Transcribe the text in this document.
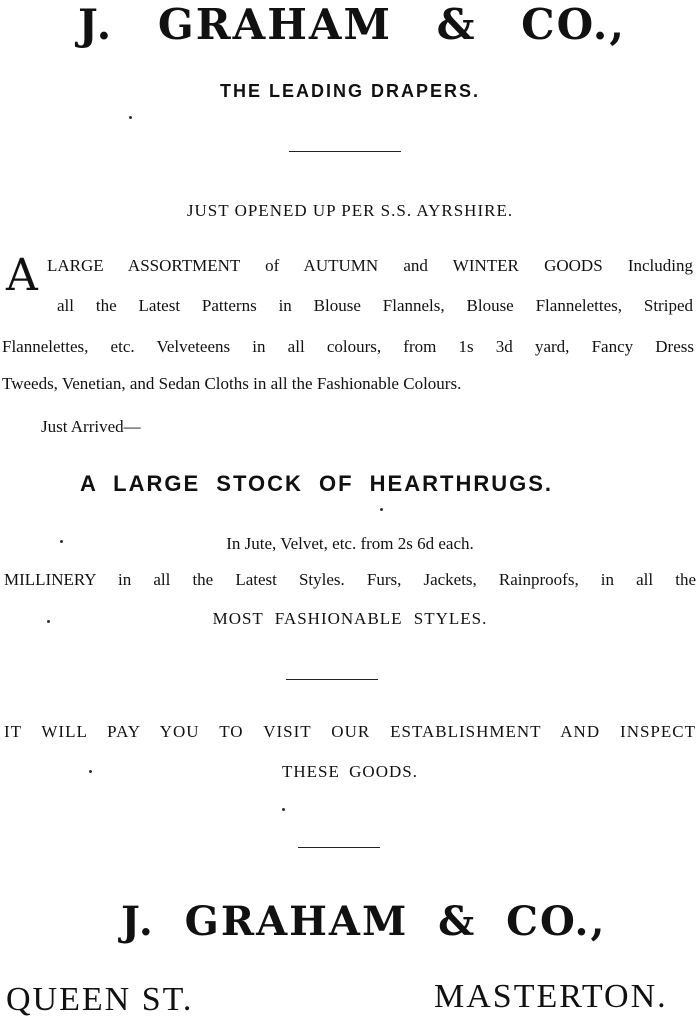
J. GRAHAM & CO.,
THE LEADING DRAPERS.
JUST OPENED UP PER S.S. AYRSHIRE.
A LARGE ASSORTMENT of AUTUMN and WINTER GOODS Including
all the Latest Patterns in Blouse Flannels, Blouse Flannelettes, Striped
Flannelettes, etc. Velveteens in all colours, from 1s 3d yard, Fancy Dress
Tweeds, Venetian, and Sedan Cloths in all the Fashionable Colours.
Just Arrived—
A LARGE STOCK OF HEARTHRUGS.
In Jute, Velvet, etc. from 2s 6d each.
MILLINERY in all the Latest Styles. Furs, Jackets, Rainproofs, in all the
MOST FASHIONABLE STYLES.
IT WILL PAY YOU TO VISIT OUR ESTABLISHMENT AND INSPECT
THESE GOODS.
J. GRAHAM & CO.,
QUEEN ST.	MASTERTON.
